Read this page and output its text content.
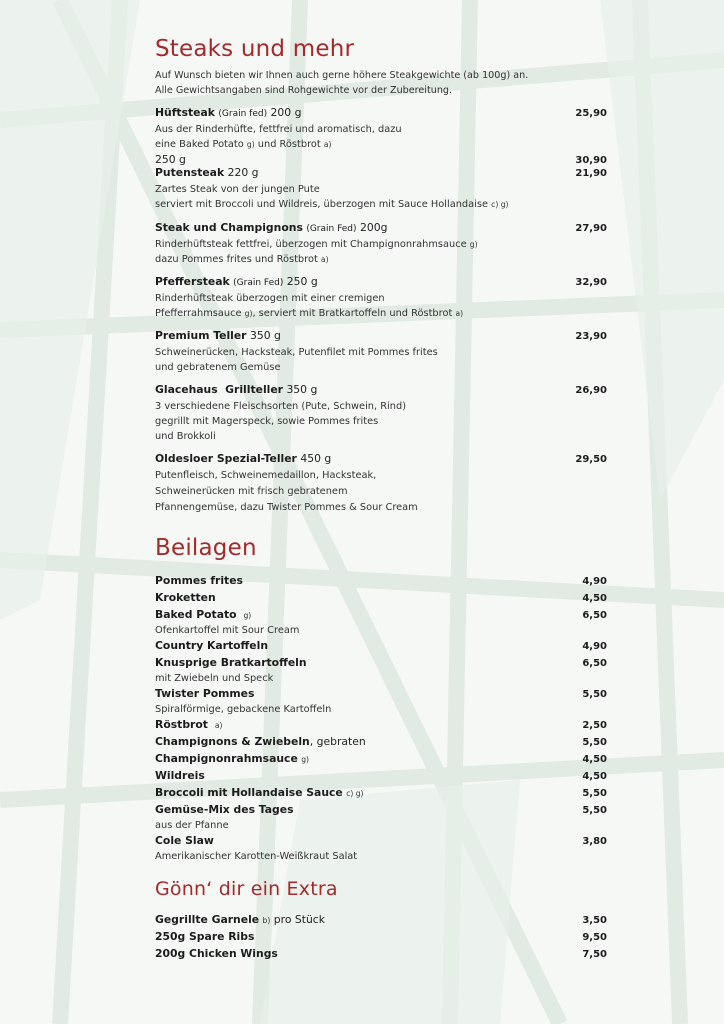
Steaks und mehr
Auf Wunsch bieten wir Ihnen auch gerne höhere Steakgewichte (ab 100g) an.
Alle Gewichtsangaben sind Rohgewichte vor der Zubereitung.
Hüftsteak (Grain fed) 200 g	25,90
Aus der Rinderhüfte, fettfrei und aromatisch, dazu
eine Baked Potato g) und Röstbrot a)
250 g	30,90
Putensteak 220 g	21,90
Zartes Steak von der jungen Pute
serviert mit Broccoli und Wildreis, überzogen mit Sauce Hollandaise c) g)
Steak und Champignons (Grain Fed) 200g	27,90
Rinderhüftsteak fettfrei, überzogen mit Champignonrahmsauce g)
dazu Pommes frites und Röstbrot a)
Pfeffersteak (Grain Fed) 250 g	32,90
Rinderhüftsteak überzogen mit einer cremigen
Pfefferrahmsauce g), serviert mit Bratkartoffeln und Röstbrot a)
Premium Teller 350 g	23,90
Schweinerücken, Hacksteak, Putenfilet mit Pommes frites
und gebratenem Gemüse
Glacehaus  Grillteller 350 g	26,90
3 verschiedene Fleischsorten (Pute, Schwein, Rind)
gegrillt mit Magerspeck, sowie Pommes frites
und Brokkoli
Oldesloer Spezial-Teller 450 g	29,50
Putenfleisch, Schweinemedaillon, Hacksteak,
Schweinerücken mit frisch gebratenem
Pfannengemüse, dazu Twister Pommes & Sour Cream
Beilagen
Pommes frites	4,90
Kroketten	4,50
Baked Potato g)	6,50
Ofenkartoffel mit Sour Cream
Country Kartoffeln	4,90
Knusprige Bratkartoffeln	6,50
mit Zwiebeln und Speck
Twister Pommes	5,50
Spiralförmige, gebackene Kartoffeln
Röstbrot a)	2,50
Champignons & Zwiebeln, gebraten	5,50
Champignonrahmsauce g)	4,50
Wildreis	4,50
Broccoli mit Hollandaise Sauce c) g)	5,50
Gemüse-Mix des Tages	5,50
aus der Pfanne
Cole Slaw	3,80
Amerikanischer Karotten-Weißkraut Salat
Gönn‘ dir ein Extra
Gegrillte Garnele b) pro Stück	3,50
250g Spare Ribs	9,50
200g Chicken Wings	7,50
